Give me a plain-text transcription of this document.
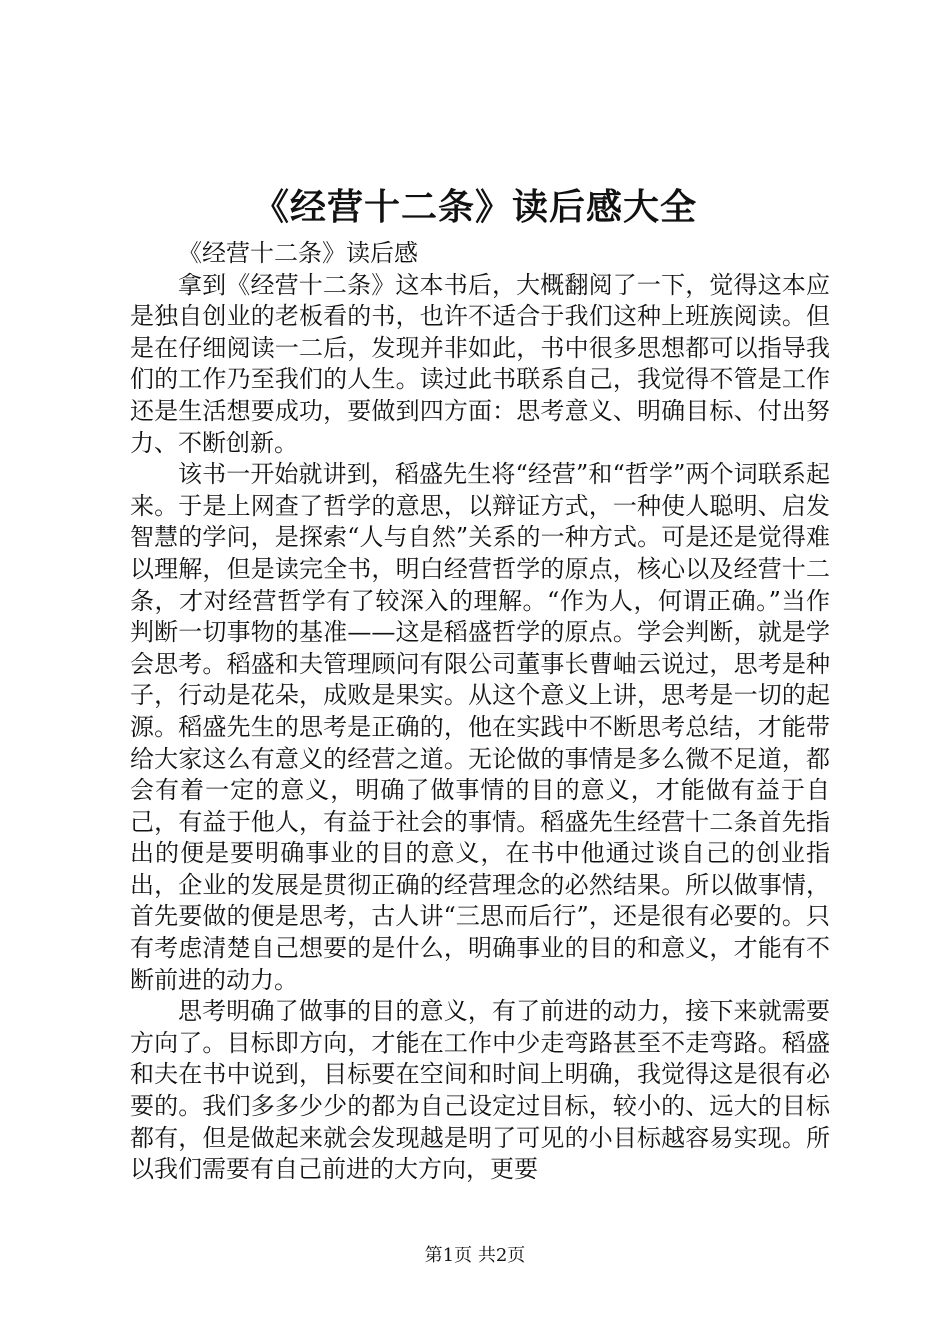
《经营十二条》读后感大全

《经营十二条》读后感

拿到《经营十二条》这本书后，大概翻阅了一下，觉得这本应是独自创业的老板看的书，也许不适合于我们这种上班族阅读。但是在仔细阅读一二后，发现并非如此，书中很多思想都可以指导我们的工作乃至我们的人生。读过此书联系自己，我觉得不管是工作还是生活想要成功，要做到四方面：思考意义、明确目标、付出努力、不断创新。

该书一开始就讲到，稻盛先生将“经营”和“哲学”两个词联系起来。于是上网查了哲学的意思，以辩证方式，一种使人聪明、启发智慧的学问，是探索“人与自然”关系的一种方式。可是还是觉得难以理解，但是读完全书，明白经营哲学的原点，核心以及经营十二条，才对经营哲学有了较深入的理解。“作为人，何谓正确。”当作判断一切事物的基准——这是稻盛哲学的原点。学会判断，就是学会思考。稻盛和夫管理顾问有限公司董事长曹岫云说过，思考是种子，行动是花朵，成败是果实。从这个意义上讲，思考是一切的起源。稻盛先生的思考是正确的，他在实践中不断思考总结，才能带给大家这么有意义的经营之道。无论做的事情是多么微不足道，都会有着一定的意义，明确了做事情的目的意义，才能做有益于自己，有益于他人，有益于社会的事情。稻盛先生经营十二条首先指出的便是要明确事业的目的意义，在书中他通过谈自己的创业指出，企业的发展是贯彻正确的经营理念的必然结果。所以做事情，首先要做的便是思考，古人讲“三思而后行”，还是很有必要的。只有考虑清楚自己想要的是什么，明确事业的目的和意义，才能有不断前进的动力。

思考明确了做事的目的意义，有了前进的动力，接下来就需要方向了。目标即方向，才能在工作中少走弯路甚至不走弯路。稻盛和夫在书中说到，目标要在空间和时间上明确，我觉得这是很有必要的。我们多多少少的都为自己设定过目标，较小的、远大的目标都有，但是做起来就会发现越是明了可见的小目标越容易实现。所以我们需要有自己前进的大方向，更要

第1页 共2页
